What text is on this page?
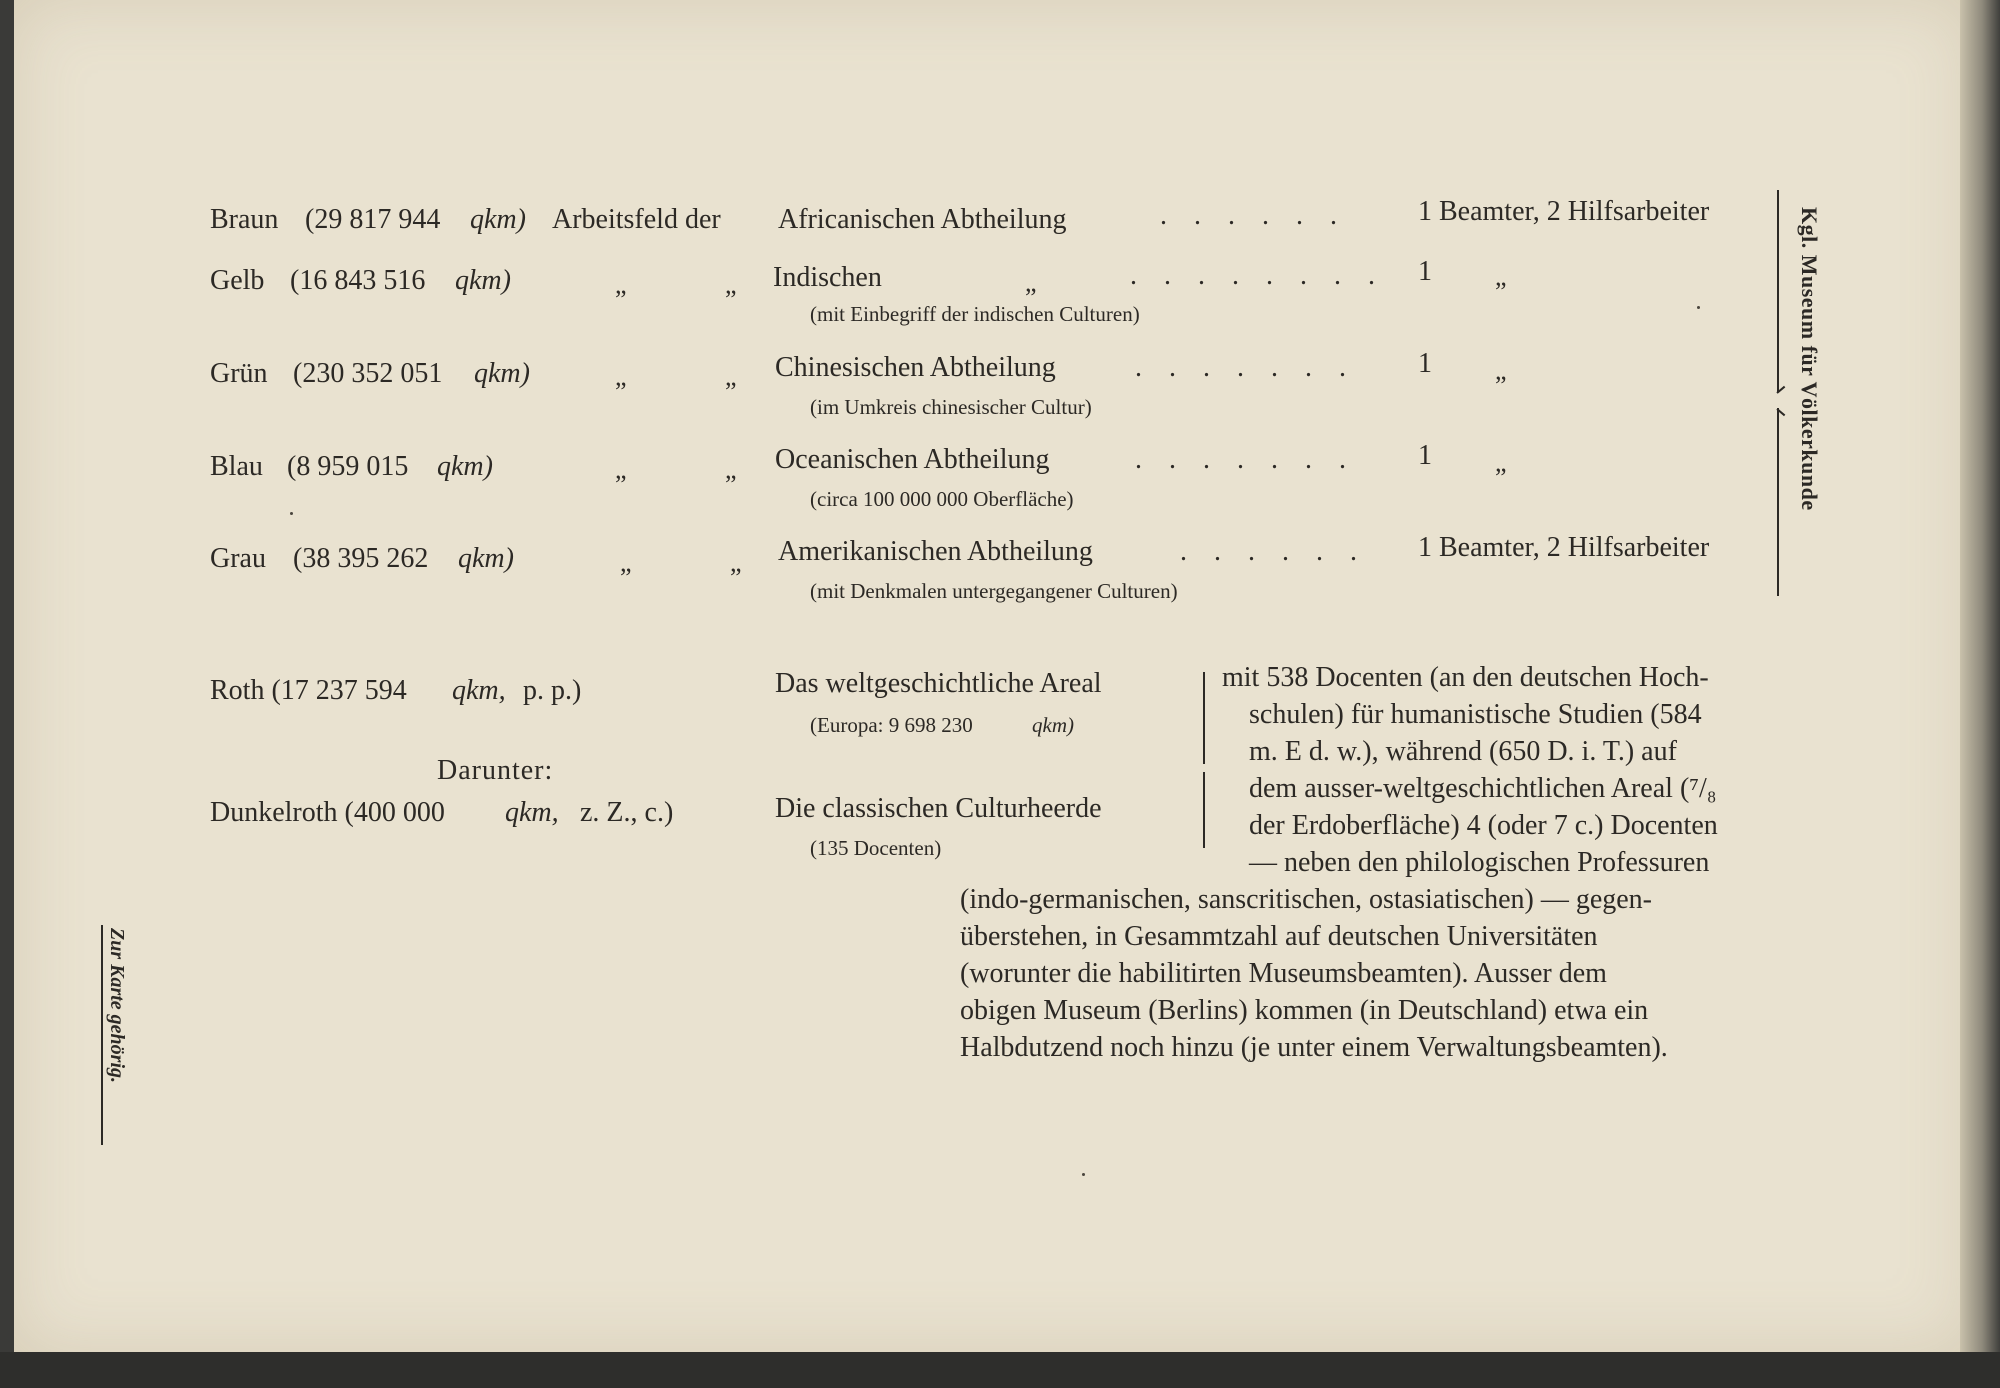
Braun (29 817 944 qkm) Arbeitsfeld der Africanischen Abtheilung	. . . . . .	1 Beamter, 2 Hilfsarbeiter
Gelb (16 843 516 qkm)	„	„ Indischen	„	. . . . . . . . 1 „
(mit Einbegriff der indischen Culturen)
Grün (230 352 051 qkm)	„	„ Chinesischen Abtheilung	. . . . . . . 1 „
(im Umkreis chinesischer Cultur)
Blau (8 959 015 qkm)	„	„ Oceanischen Abtheilung	. . . . . . . 1 „
(circa 100 000 000 Oberfläche)
Grau (38 395 262 qkm)	„	„ Amerikanischen Abtheilung	. . . . . . 1 Beamter, 2 Hilfsarbeiter
(mit Denkmalen untergegangener Culturen)
Kgl. Museum für Völkerkunde
Roth (17 237 594 qkm, p. p.)
Darunter:
Dunkelroth (400 000 qkm, z. Z., c.)
Das weltgeschichtliche Areal
(Europa: 9 698 230	qkm)
Die classischen Culturheerde
(135 Docenten)

mit 538 Docenten (an den deutschen Hoch-

schulen) für humanistische Studien (584

m. E d. w.), während (650 D. i. T.) auf

dem ausser-weltgeschichtlichen Areal (⁷/₈

der Erdoberfläche) 4 (oder 7 c.) Docenten

— neben den philologischen Professuren

(indo-germanischen, sanscritischen, ostasiatischen) — gegen-

überstehen, in Gesammtzahl auf deutschen Universitäten

(worunter die habilitirten Museumsbeamten). Ausser dem

obigen Museum (Berlins) kommen (in Deutschland) etwa ein

Halbdutzend noch hinzu (je unter einem Verwaltungsbeamten).

Zur Karte gehörig.
